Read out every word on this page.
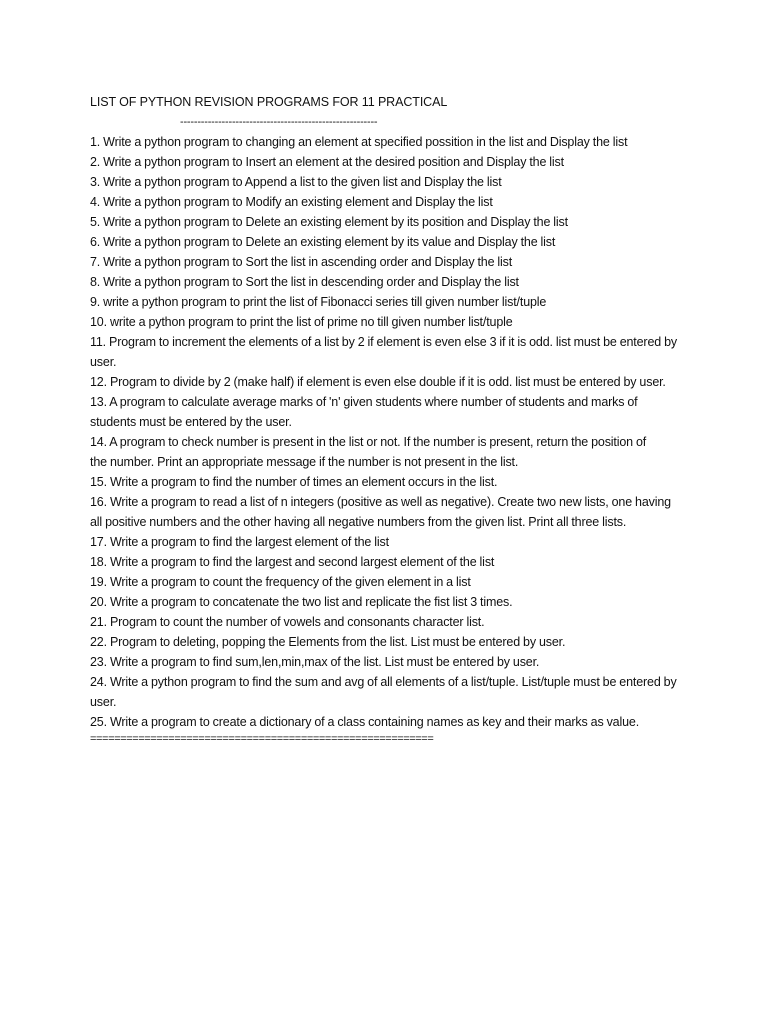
LIST OF PYTHON REVISION PROGRAMS FOR 11 PRACTICAL
---------------------------------------------------------
1. Write a python program to changing an element at specified possition in the list and Display the list
2. Write a python program to Insert an element at the desired position and Display the list
3. Write a python program to Append a list to the given list and Display the list
4. Write a python program to Modify an existing element and Display the list
5. Write a python program to Delete an existing element by its position and Display the list
6. Write a python program to Delete an existing element by its value and Display the list
7. Write a python program to Sort the list in ascending order and Display the list
8. Write a python program to Sort the list in descending order and Display the list
9. write a python program to print the list of Fibonacci series till given number list/tuple
10. write a python program to print the list of prime no till given number list/tuple
11. Program to increment the elements of a list by 2 if element is even else 3 if it is odd. list must be entered by user.
12. Program to divide by 2 (make half) if element is even else double if it is odd. list must be entered by user.
13. A program to calculate average marks of 'n' given students where number of students and marks of students must be entered by the user.
14. A program to check number is present in the list or not. If the number is present, return the position of
the number. Print an appropriate message if the number is not present in the list.
15. Write a program to find the number of times an element occurs in the list.
16. Write a program to read a list of n integers (positive as well as negative). Create two new lists, one having all positive numbers and the other having all negative numbers from the given list. Print all three lists.
17. Write a program to find the largest element of the list
18. Write a program to find the largest and second largest element of the list
19. Write a program to count the frequency of the given element in a list
20. Write a program to concatenate the two list and replicate the fist list 3 times.
21. Program to count the number of vowels and consonants character list.
22. Program to deleting, popping the Elements from the list. List must be entered by user.
23. Write a program to find sum,len,min,max of the list. List must be entered by user.
24. Write a python program to find the sum and avg of all elements of a list/tuple. List/tuple must be entered by user.
25. Write a program to create a dictionary of a class containing names as key and their marks as value.
=========================================================
